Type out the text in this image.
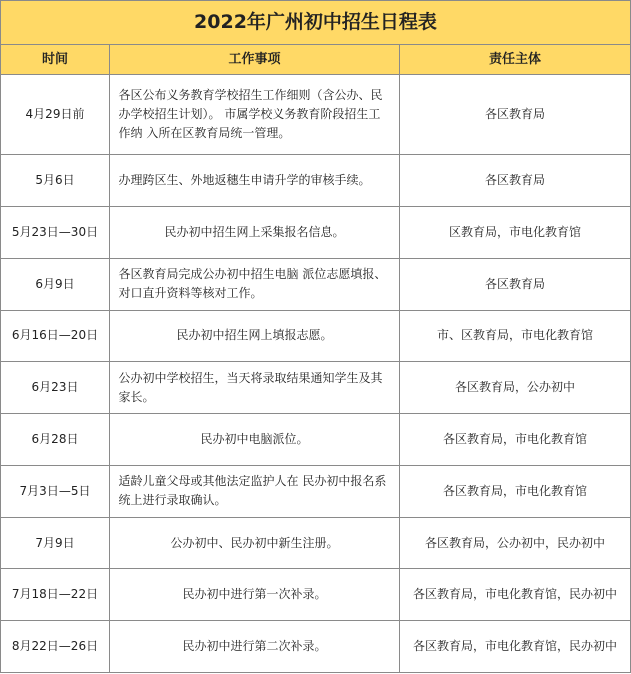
2022年广州初中招生日程表		
时间	工作事项	责任主体
4月29日前	各区公布义务教育学校招生工作细则（含公办、民办学校招生计划）。 市属学校义务教育阶段招生工作纳 入所在区教育局统一管理。	各区教育局
5月6日	办理跨区生、外地返穗生申请升学的审核手续。	各区教育局
5月23日—30日	民办初中招生网上采集报名信息。	区教育局，市电化教育馆
6月9日	各区教育局完成公办初中招生电脑 派位志愿填报、对口直升资料等核对工作。	各区教育局
6月16日—20日	民办初中招生网上填报志愿。	市、区教育局，市电化教育馆
6月23日	公办初中学校招生，当天将录取结果通知学生及其家长。	各区教育局，公办初中
6月28日	民办初中电脑派位。	各区教育局，市电化教育馆
7月3日—5日	适龄儿童父母或其他法定监护人在 民办初中报名系统上进行录取确认。	各区教育局，市电化教育馆
7月9日	公办初中、民办初中新生注册。	各区教育局，公办初中，民办初中
7月18日—22日	民办初中进行第一次补录。	各区教育局，市电化教育馆，民办初中
8月22日—26日	民办初中进行第二次补录。	各区教育局，市电化教育馆，民办初中
